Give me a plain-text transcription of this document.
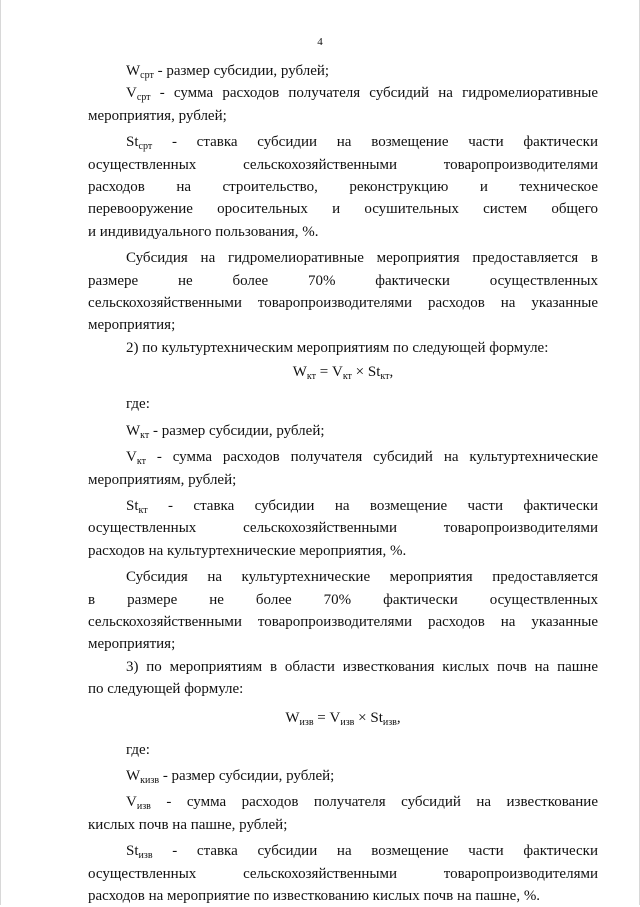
4
$W_{срт}$ - размер субсидии, рублей;
$V_{срт}$ - сумма расходов получателя субсидий на гидромелиоративные
мероприятия, рублей;
$St_{срт}$ - ставка субсидии на возмещение части фактически
осуществленных сельскохозяйственными товаропроизводителями
расходов на строительство, реконструкцию и техническое
перевооружение оросительных и осушительных систем общего
и индивидуального пользования, %.
Субсидия на гидромелиоративные мероприятия предоставляется в
размере не более 70% фактически осуществленных
сельскохозяйственными товаропроизводителями расходов на указанные
мероприятия;
2) по культуртехническим мероприятиям по следующей формуле:
$W_{кт} = V_{кт} \times St_{кт}$,
где:
$W_{кт}$ - размер субсидии, рублей;
$V_{кт}$ - сумма расходов получателя субсидий на культуртехнические
мероприятиям, рублей;
$St_{кт}$ - ставка субсидии на возмещение части фактически
осуществленных сельскохозяйственными товаропроизводителями
расходов на культуртехнические мероприятия, %.
Субсидия на культуртехнические мероприятия предоставляется
в размере не более 70% фактически осуществленных
сельскохозяйственными товаропроизводителями расходов на указанные
мероприятия;
3) по мероприятиям в области известкования кислых почв на пашне
по следующей формуле:
$W_{изв} = V_{изв} \times St_{изв}$,
где:
$W_{кизв}$ - размер субсидии, рублей;
$V_{изв}$ - сумма расходов получателя субсидий на известкование
кислых почв на пашне, рублей;
$St_{изв}$ - ставка субсидии на возмещение части фактически
осуществленных сельскохозяйственными товаропроизводителями
расходов на мероприятие по известкованию кислых почв на пашне, %.
